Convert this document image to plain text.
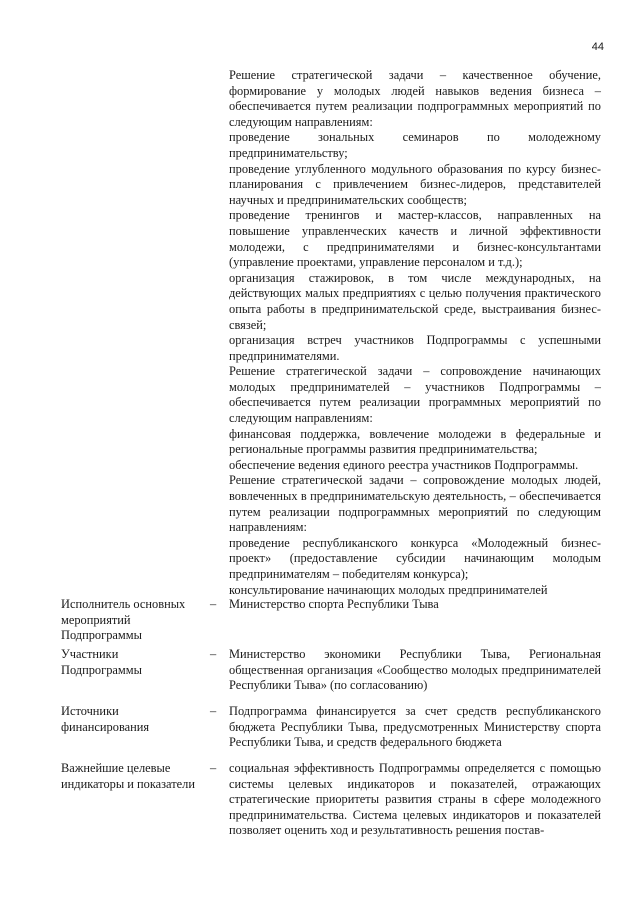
44

Решение стратегической задачи – качественное обучение, формирование у молодых людей навыков ведения бизнеса – обеспечивается путем реализации подпрограммных мероприятий по следующим направлениям:

проведение зональных семинаров по молодежному предпринимательству;

проведение углубленного модульного образования по курсу бизнес-планирования с привлечением бизнес-лидеров, представителей научных и предпринимательских сообществ;

проведение тренингов и мастер-классов, направленных на повышение управленческих качеств и личной эффективности молодежи, с предпринимателями и бизнес-консультантами (управление проектами, управление персоналом и т.д.);

организация стажировок, в том числе международных, на действующих малых предприятиях с целью получения практического опыта работы в предпринимательской среде, выстраивания бизнес-связей;

организация встреч участников Подпрограммы с успешными предпринимателями.

Решение стратегической задачи – сопровождение начинающих молодых предпринимателей – участников Подпрограммы – обеспечивается путем реализации программных мероприятий по следующим направлениям:

финансовая поддержка, вовлечение молодежи в федеральные и региональные программы развития предпринимательства;

обеспечение ведения единого реестра участников Подпрограммы.

Решение стратегической задачи – сопровождение молодых людей, вовлеченных в предпринимательскую деятельность, – обеспечивается путем реализации подпрограммных мероприятий по следующим направлениям:

проведение республиканского конкурса «Молодежный бизнес-проект» (предоставление субсидии начинающим молодым предпринимателям – победителям конкурса);

консультирование начинающих молодых предпринимателей

Исполнитель основных мероприятий Подпрограммы
– Министерство спорта Республики Тыва
Участники Подпрограммы
– Министерство экономики Республики Тыва, Региональная общественная организация «Сообщество молодых предпринимателей Республики Тыва» (по согласованию)
Источники финансирования
– Подпрограмма финансируется за счет средств республиканского бюджета Республики Тыва, предусмотренных Министерству спорта Республики Тыва, и средств федерального бюджета
Важнейшие целевые индикаторы и показатели
– социальная эффективность Подпрограммы определяется с помощью системы целевых индикаторов и показателей, отражающих стратегические приоритеты развития страны в сфере молодежного предпринимательства. Система целевых индикаторов и показателей позволяет оценить ход и результативность решения постав-
